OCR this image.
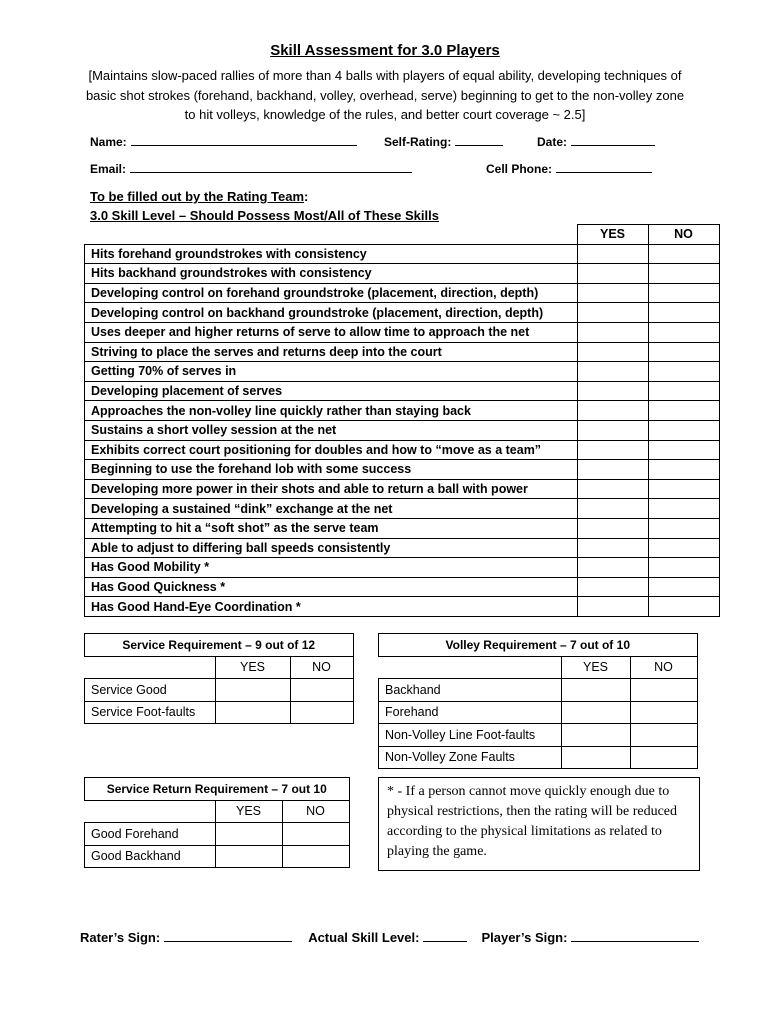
Skill Assessment for 3.0 Players
[Maintains slow-paced rallies of more than 4 balls with players of equal ability, developing techniques of basic shot strokes (forehand, backhand, volley, overhead, serve) beginning to get to the non-volley zone to hit volleys, knowledge of the rules, and better court coverage ~ 2.5]
Name:	Self-Rating:	Date:
Email:	Cell Phone:
To be filled out by the Rating Team:
3.0 Skill Level – Should Possess Most/All of These Skills
	YES	NO
Hits forehand groundstrokes with consistency		
Hits backhand groundstrokes with consistency		
Developing control on forehand groundstroke (placement, direction, depth)		
Developing control on backhand groundstroke (placement, direction, depth)		
Uses deeper and higher returns of serve to allow time to approach the net		
Striving to place the serves and returns deep into the court		
Getting 70% of serves in		
Developing placement of serves		
Approaches the non-volley line quickly rather than staying back		
Sustains a short volley session at the net		
Exhibits correct court positioning for doubles and how to “move as a team”		
Beginning to use the forehand lob with some success		
Developing more power in their shots and able to return a ball with power		
Developing a sustained “dink” exchange at the net		
Attempting to hit a “soft shot” as the serve team		
Able to adjust to differing ball speeds consistently		
Has Good Mobility *		
Has Good Quickness *		
Has Good Hand-Eye Coordination *		
Service Requirement – 9 out of 12		
	YES	NO
Service Good		
Service Foot-faults		
Volley Requirement – 7 out of 10		
	YES	NO
Backhand		
Forehand		
Non-Volley Line Foot-faults		
Non-Volley Zone Faults		
Service Return Requirement – 7 out 10		
	YES	NO
Good Forehand		
Good Backhand		
* - If a person cannot move quickly enough due to physical restrictions, then the rating will be reduced according to the physical limitations as related to playing the game.
Rater’s Sign:	Actual Skill Level:	Player’s Sign:
